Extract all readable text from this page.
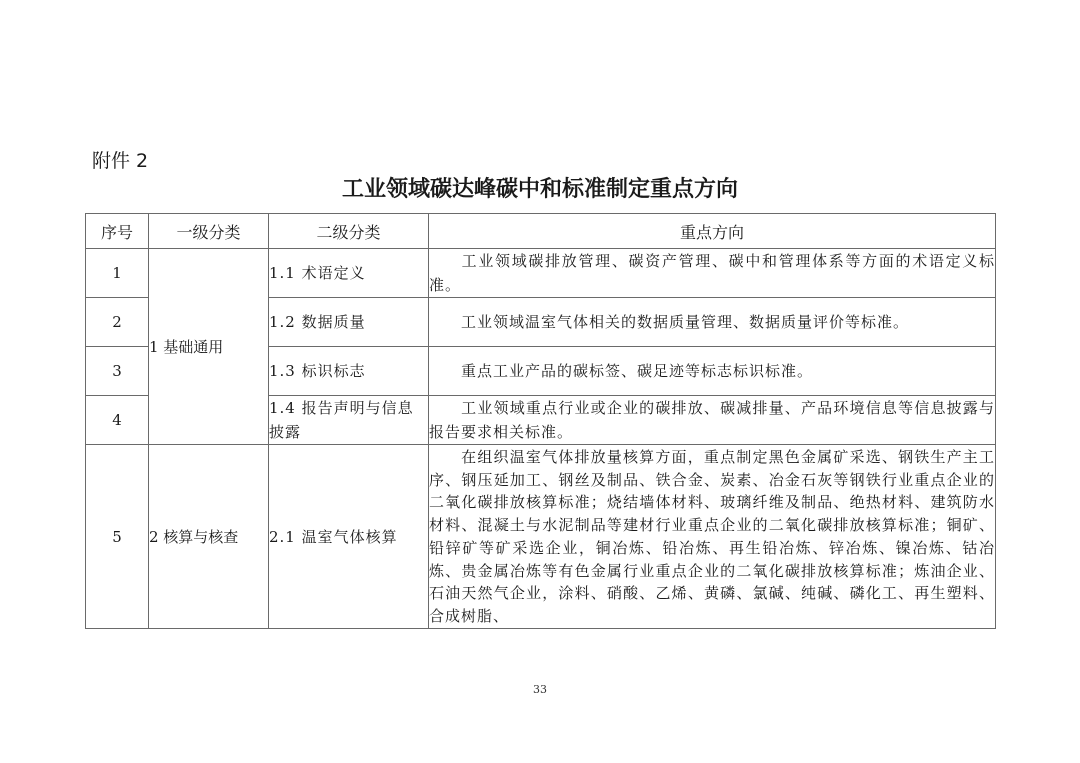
附件 2
工业领域碳达峰碳中和标准制定重点方向
序号	一级分类	二级分类	重点方向
1	1 基础通用	1.1 术语定义	工业领域碳排放管理、碳资产管理、碳中和管理体系等方面的术语定义标准。
2		1.2 数据质量	工业领域温室气体相关的数据质量管理、数据质量评价等标准。
3		1.3 标识标志	重点工业产品的碳标签、碳足迹等标志标识标准。
4		1.4 报告声明与信息披露	工业领域重点行业或企业的碳排放、碳减排量、产品环境信息等信息披露与报告要求相关标准。
5	2 核算与核查	2.1 温室气体核算	在组织温室气体排放量核算方面，重点制定黑色金属矿采选、钢铁生产主工序、钢压延加工、钢丝及制品、铁合金、炭素、冶金石灰等钢铁行业重点企业的二氧化碳排放核算标准；烧结墙体材料、玻璃纤维及制品、绝热材料、建筑防水材料、混凝土与水泥制品等建材行业重点企业的二氧化碳排放核算标准；铜矿、铅锌矿等矿采选企业，铜冶炼、铅冶炼、再生铅冶炼、锌冶炼、镍冶炼、钴冶炼、贵金属冶炼等有色金属行业重点企业的二氧化碳排放核算标准；炼油企业、石油天然气企业，涂料、硝酸、乙烯、黄磷、氯碱、纯碱、磷化工、再生塑料、合成树脂、
33
